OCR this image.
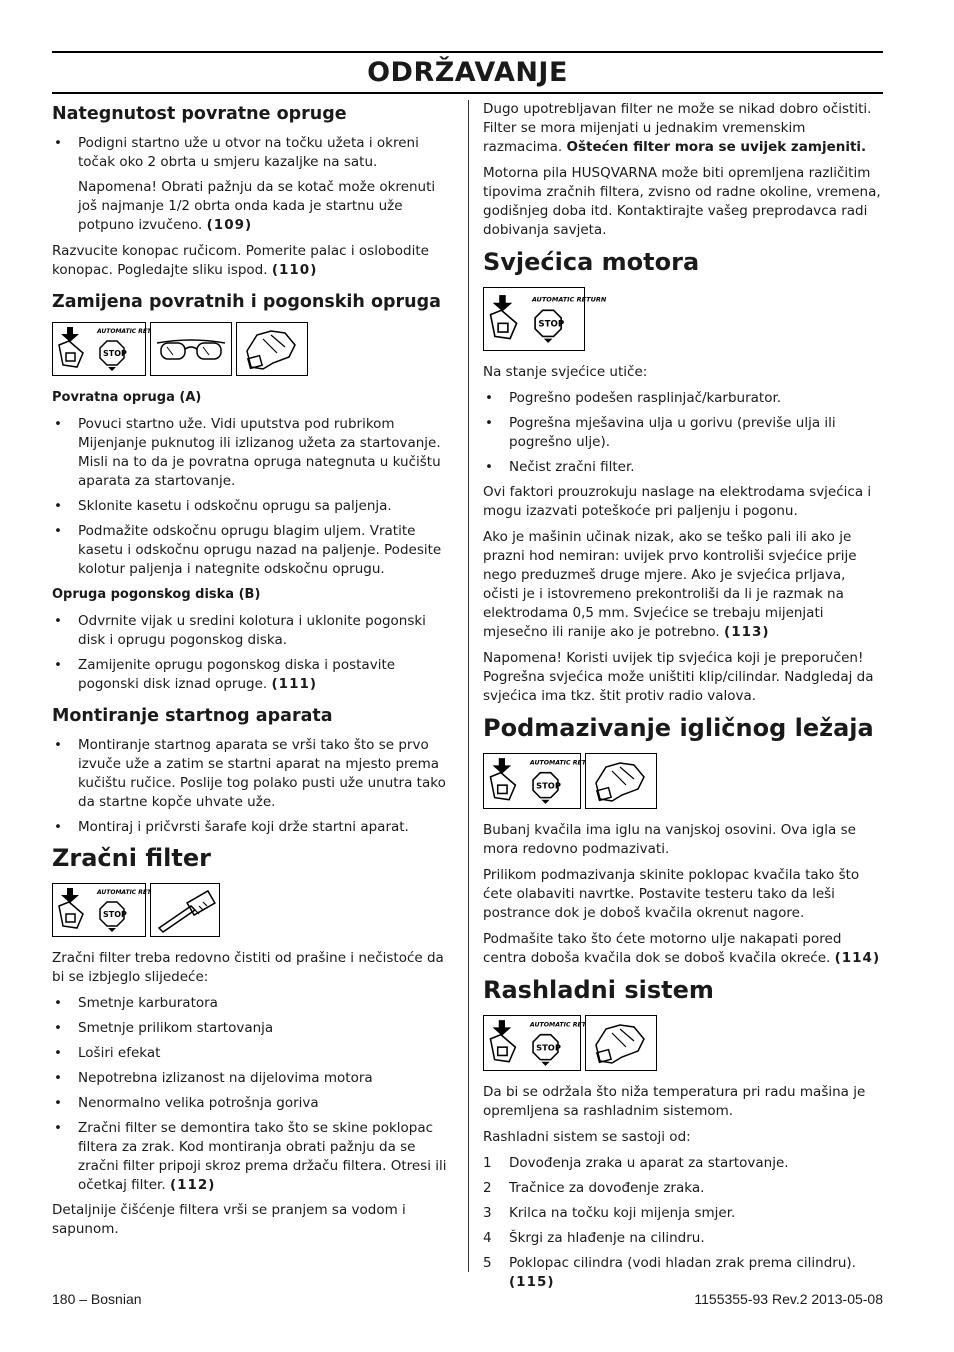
ODRŽAVANJE
Nategnutost povratne opruge

• Podigni startno uže u otvor na točku užeta i okreni točak oko 2 obrta u smjeru kazaljke na satu.

Napomena! Obrati pažnju da se kotač može okrenuti još najmanje 1/2 obrta onda kada je startnu uže potpuno izvučeno. (109)

Razvucite konopac ručicom. Pomerite palac i oslobodite konopac. Pogledajte sliku ispod. (110)

Zamijena povratnih i pogonskih opruga
AUTOMATIC RETURN
STOP
Povratna opruga (A)

• Povuci startno uže. Vidi uputstva pod rubrikom Mijenjanje puknutog ili izlizanog užeta za startovanje. Misli na to da je povratna opruga nategnuta u kučištu aparata za startovanje.

• Sklonite kasetu i odskočnu oprugu sa paljenja.

• Podmažite odskočnu oprugu blagim uljem. Vratite kasetu i odskočnu oprugu nazad na paljenje. Podesite kolotur paljenja i nategnite odskočnu oprugu.

Opruga pogonskog diska (B)

• Odvrnite vijak u sredini kolotura i uklonite pogonski disk i oprugu pogonskog diska.

• Zamijenite oprugu pogonskog diska i postavite pogonski disk iznad opruge. (111)

Montiranje startnog aparata

• Montiranje startnog aparata se vrši tako što se prvo izvuče uže a zatim se startni aparat na mjesto prema kučištu ručice. Poslije tog polako pusti uže unutra tako da startne kopče uhvate uže.

• Montiraj i pričvrsti šarafe koji drže startni aparat.

Zračni filter
AUTOMATIC RETURN
STOP

Zračni filter treba redovno čistiti od prašine i nečistoće da bi se izbjeglo slijedeće:

• Smetnje karburatora

• Smetnje prilikom startovanja

• Loširi efekat

• Nepotrebna izlizanost na dijelovima motora

• Nenormalno velika potrošnja goriva

• Zračni filter se demontira tako što se skine poklopac filtera za zrak. Kod montiranja obrati pažnju da se zračni filter pripoji skroz prema držaču filtera. Otresi ili očetkaj filter. (112)

Detaljnije čišćenje filtera vrši se pranjem sa vodom i sapunom.

Dugo upotrebljavan filter ne može se nikad dobro očistiti. Filter se mora mijenjati u jednakim vremenskim razmacima. Oštećen filter mora se uvijek zamjeniti.

Motorna pila HUSQVARNA može biti opremljena različitim tipovima zračnih filtera, zvisno od radne okoline, vremena, godišnjeg doba itd. Kontaktirajte vašeg preprodavca radi dobivanja savjeta.

Svjećica motora
AUTOMATIC RETURN
STOP

Na stanje svjećice utiče:

• Pogrešno podešen rasplinjač/karburator.

• Pogrešna mješavina ulja u gorivu (previše ulja ili pogrešno ulje).

• Nečist zračni filter.

Ovi faktori prouzrokuju naslage na elektrodama svjećica i mogu izazvati poteškoće pri paljenju i pogonu.

Ako je mašinin učinak nizak, ako se teško pali ili ako je prazni hod nemiran: uvijek prvo kontroliši svjećice prije nego preduzmeš druge mjere. Ako je svjećica prljava, očisti je i istovremeno prekontroliši da li je razmak na elektrodama 0,5 mm. Svjećice se trebaju mijenjati mjesečno ili ranije ako je potrebno. (113)

Napomena! Koristi uvijek tip svjećica koji je preporučen! Pogrešna svjećica može uništiti klip/cilindar. Nadgledaj da svjećica ima tkz. štit protiv radio valova.

Podmazivanje igličnog ležaja
AUTOMATIC RETURN
STOP

Bubanj kvačila ima iglu na vanjskoj osovini. Ova igla se mora redovno podmazivati.

Prilikom podmazivanja skinite poklopac kvačila tako što ćete olabaviti navrtke. Postavite testeru tako da leši postrance dok je doboš kvačila okrenut nagore.

Podmašite tako što ćete motorno ulje nakapati pored centra doboša kvačila dok se doboš kvačila okreće. (114)

Rashladni sistem
AUTOMATIC RETURN
STOP

Da bi se održala što niža temperatura pri radu mašina je opremljena sa rashladnim sistemom.

Rashladni sistem se sastoji od:

1 Dovođenja zraka u aparat za startovanje.

2 Tračnice za dovođenje zraka.

3 Krilca na točku koji mijenja smjer.

4 Škrgi za hlađenje na cilindru.

5 Poklopac cilindra (vodi hladan zrak prema cilindru). (115)

180 – Bosnian	1155355-93 Rev.2 2013-05-08
